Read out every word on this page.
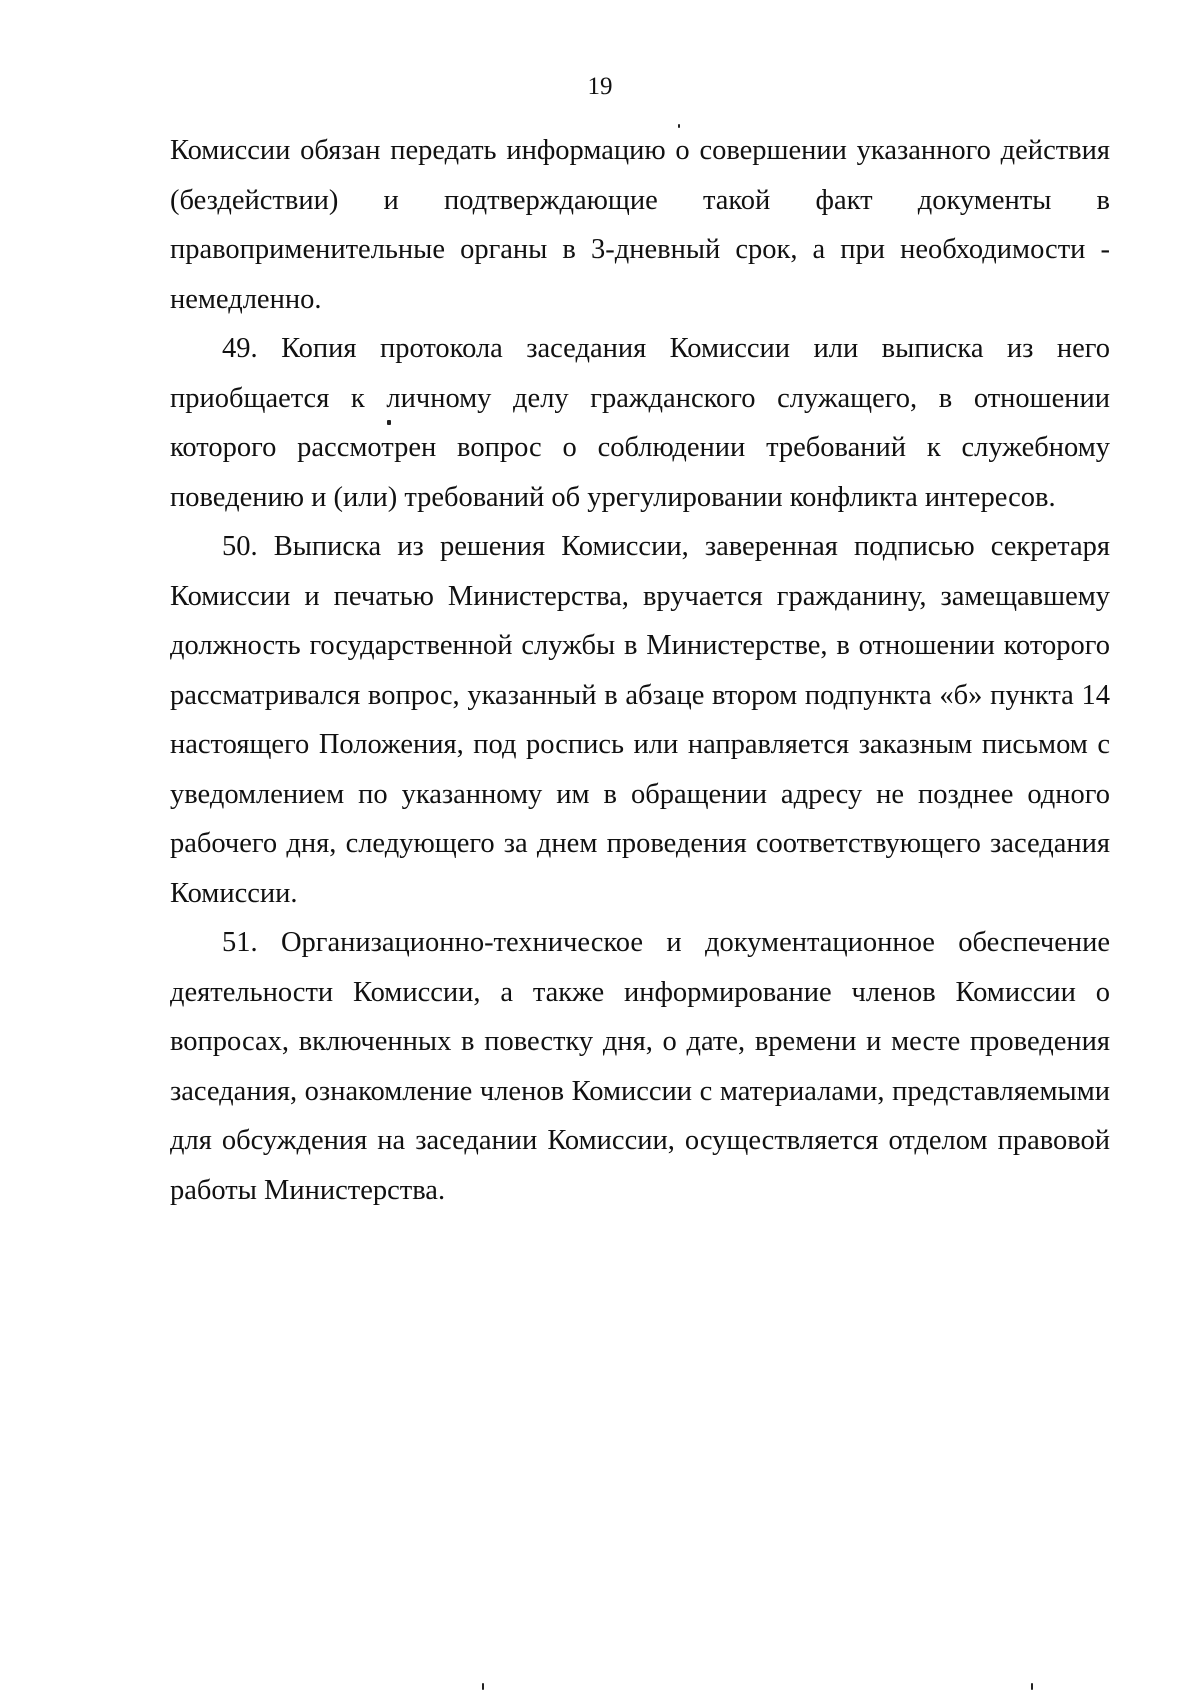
19

Комиссии обязан передать информацию о совершении указанного действия (бездействии) и подтверждающие такой факт документы в правоприменительные органы в 3-дневный срок, а при необходимости - немедленно.

49. Копия протокола заседания Комиссии или выписка из него приобщается к личному делу гражданского служащего, в отношении которого рассмотрен вопрос о соблюдении требований к служебному поведению и (или) требований об урегулировании конфликта интересов.

50. Выписка из решения Комиссии, заверенная подписью секретаря Комиссии и печатью Министерства, вручается гражданину, замещавшему должность государственной службы в Министерстве, в отношении которого рассматривался вопрос, указанный в абзаце втором подпункта «б» пункта 14 настоящего Положения, под роспись или направляется заказным письмом с уведомлением по указанному им в обращении адресу не позднее одного рабочего дня, следующего за днем проведения соответствующего заседания Комиссии.

51. Организационно-техническое и документационное обеспечение деятельности Комиссии, а также информирование членов Комиссии о вопросах, включенных в повестку дня, о дате, времени и месте проведения заседания, ознакомление членов Комиссии с материалами, представляемыми для обсуждения на заседании Комиссии, осуществляется отделом правовой работы Министерства.
